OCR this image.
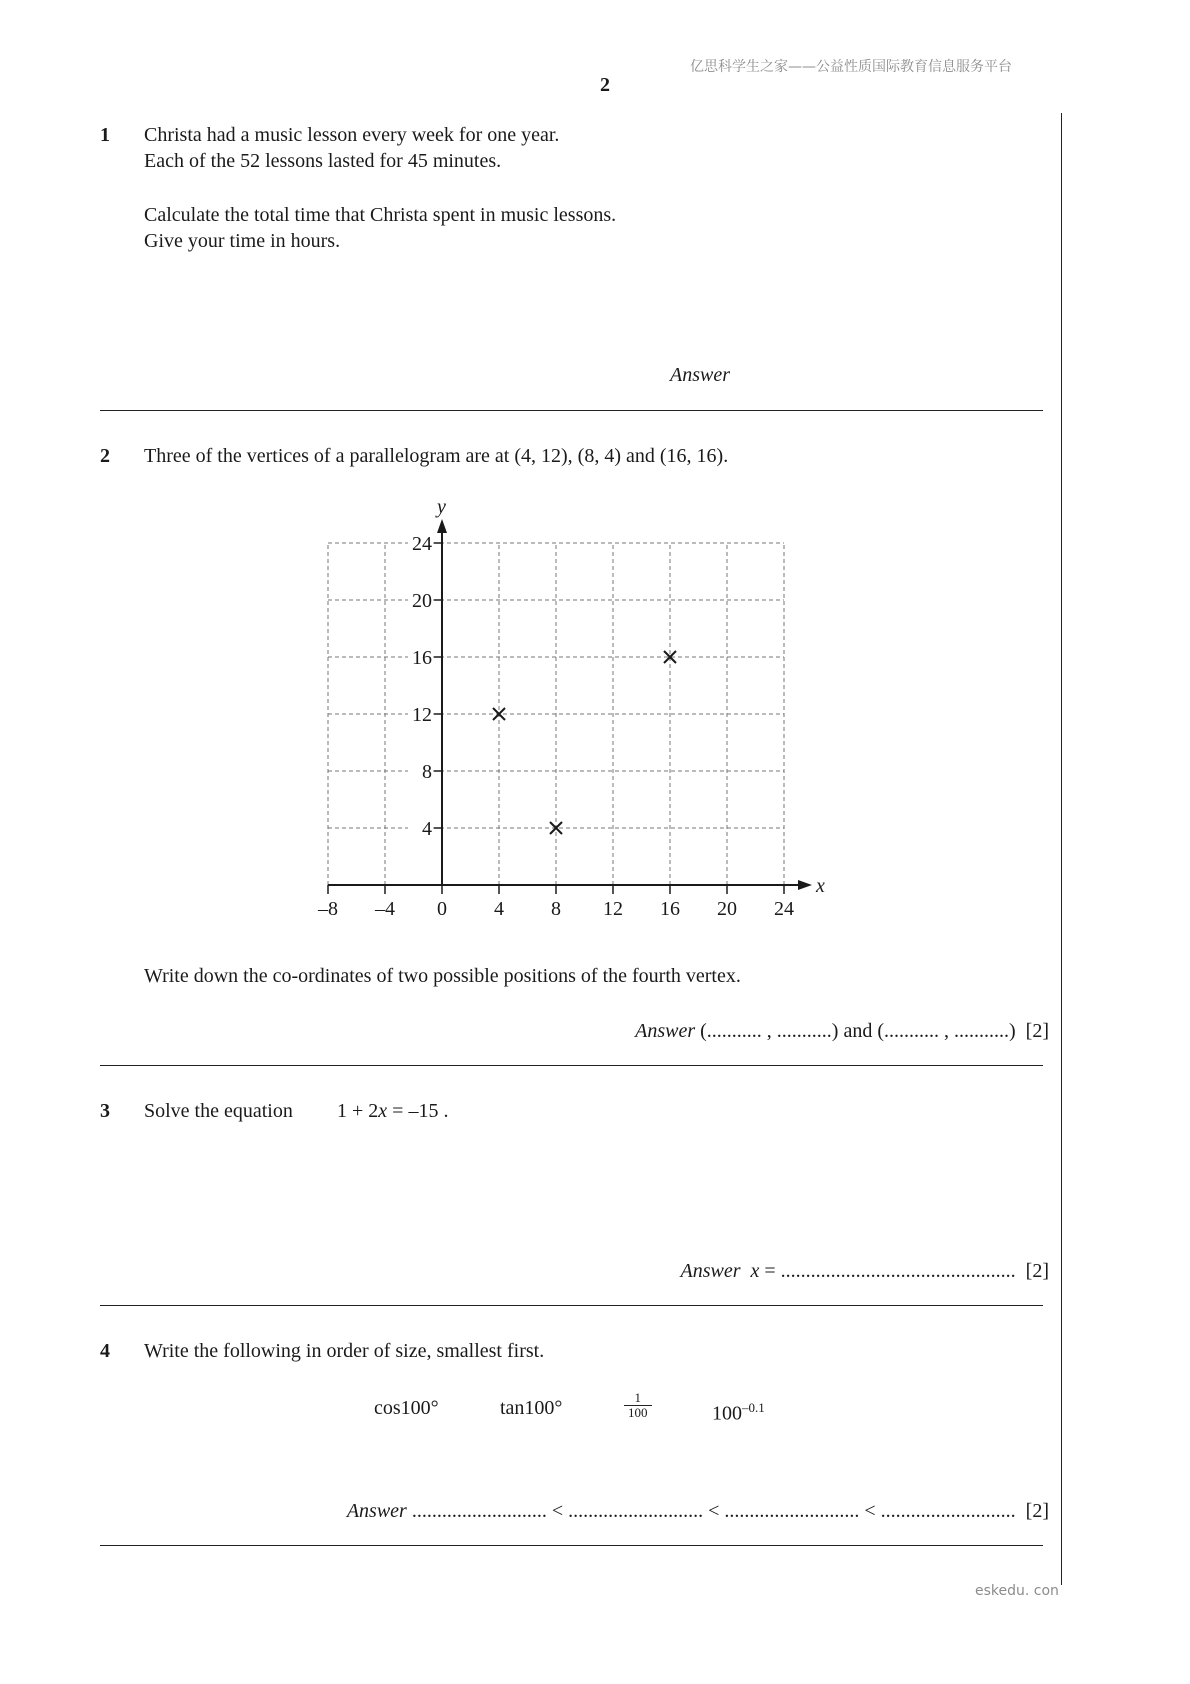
亿思科学生之家——公益性质国际教育信息服务平台
2
1 Christa had a music lesson every week for one year.
Each of the 52 lessons lasted for 45 minutes.
Calculate the total time that Christa spent in music lessons.
Give your time in hours.
Answer
2 Three of the vertices of a parallelogram are at (4, 12), (8, 4) and (16, 16).
–8 –4 0 4 8 12 16 20 24
4
8
12
16
20
24
x
y
Write down the co-ordinates of two possible positions of the fourth vertex.
Answer (........... , ...........) and (........... , ...........) [2]
3 Solve the equation 1 + 2x = –15 .
Answer x = ............................................... [2]
4 Write the following in order of size, smallest first.
cos100°	tan100°	$\frac{1}{100}$	$100^{-0.1}$
Answer ........................... < ........................... < ........................... < ........................... [2]
eskedu. con
